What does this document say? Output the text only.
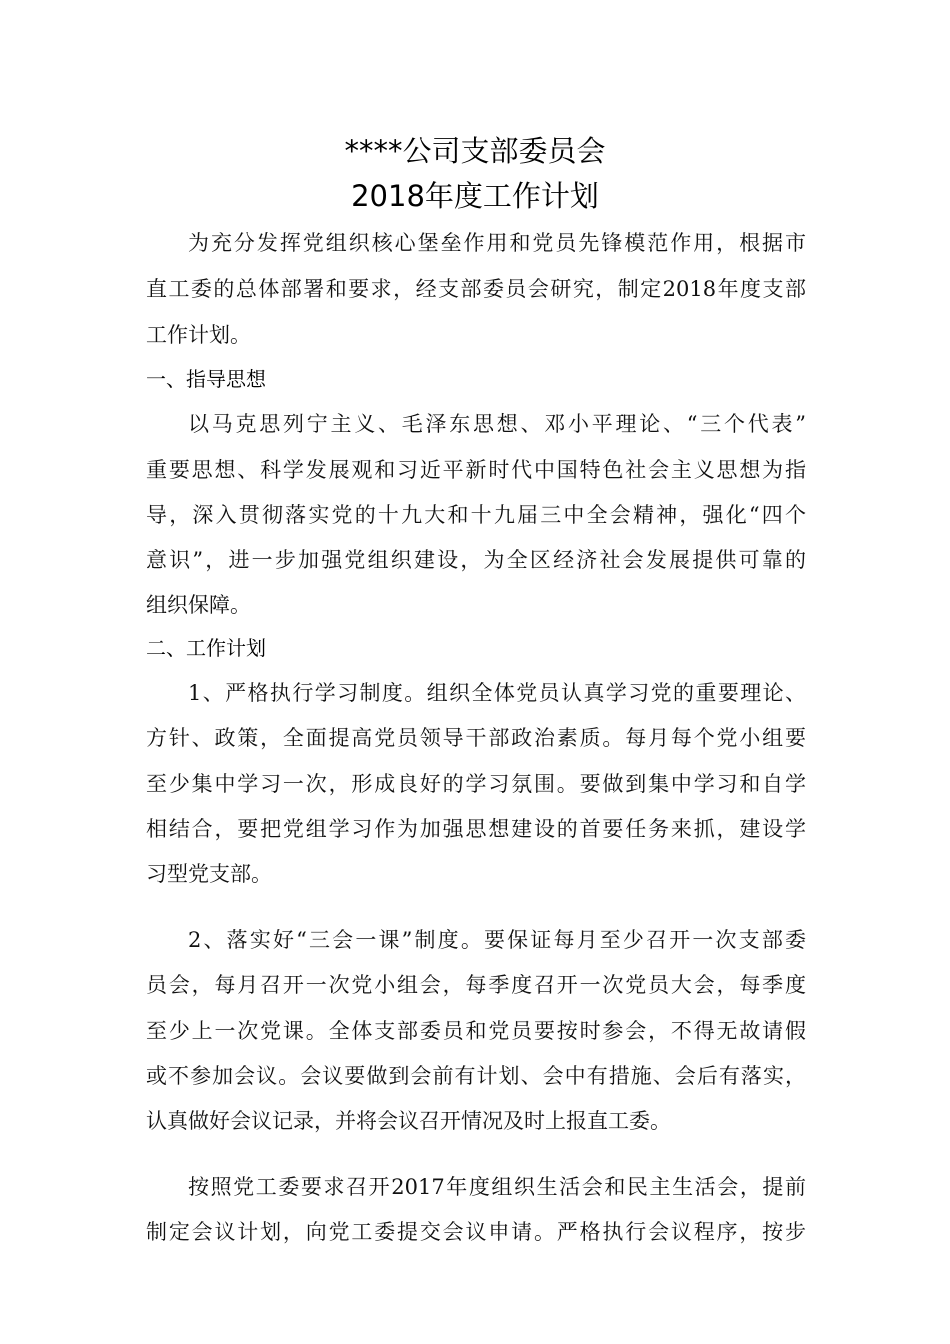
****公司支部委员会
2018年度工作计划
为充分发挥党组织核心堡垒作用和党员先锋模范作用，根据市
直工委的总体部署和要求，经支部委员会研究，制定2018年度支部
工作计划。
一、指导思想
以马克思列宁主义、毛泽东思想、邓小平理论、“三个代表”
重要思想、科学发展观和习近平新时代中国特色社会主义思想为指
导，深入贯彻落实党的十九大和十九届三中全会精神，强化“四个
意识”，进一步加强党组织建设，为全区经济社会发展提供可靠的
组织保障。
二、工作计划
1、严格执行学习制度。组织全体党员认真学习党的重要理论、
方针、政策，全面提高党员领导干部政治素质。每月每个党小组要
至少集中学习一次，形成良好的学习氛围。要做到集中学习和自学
相结合，要把党组学习作为加强思想建设的首要任务来抓，建设学
习型党支部。
2、落实好“三会一课”制度。要保证每月至少召开一次支部委
员会，每月召开一次党小组会，每季度召开一次党员大会，每季度
至少上一次党课。全体支部委员和党员要按时参会，不得无故请假
或不参加会议。会议要做到会前有计划、会中有措施、会后有落实，
认真做好会议记录，并将会议召开情况及时上报直工委。
按照党工委要求召开2017年度组织生活会和民主生活会，提前
制定会议计划，向党工委提交会议申请。严格执行会议程序，按步
